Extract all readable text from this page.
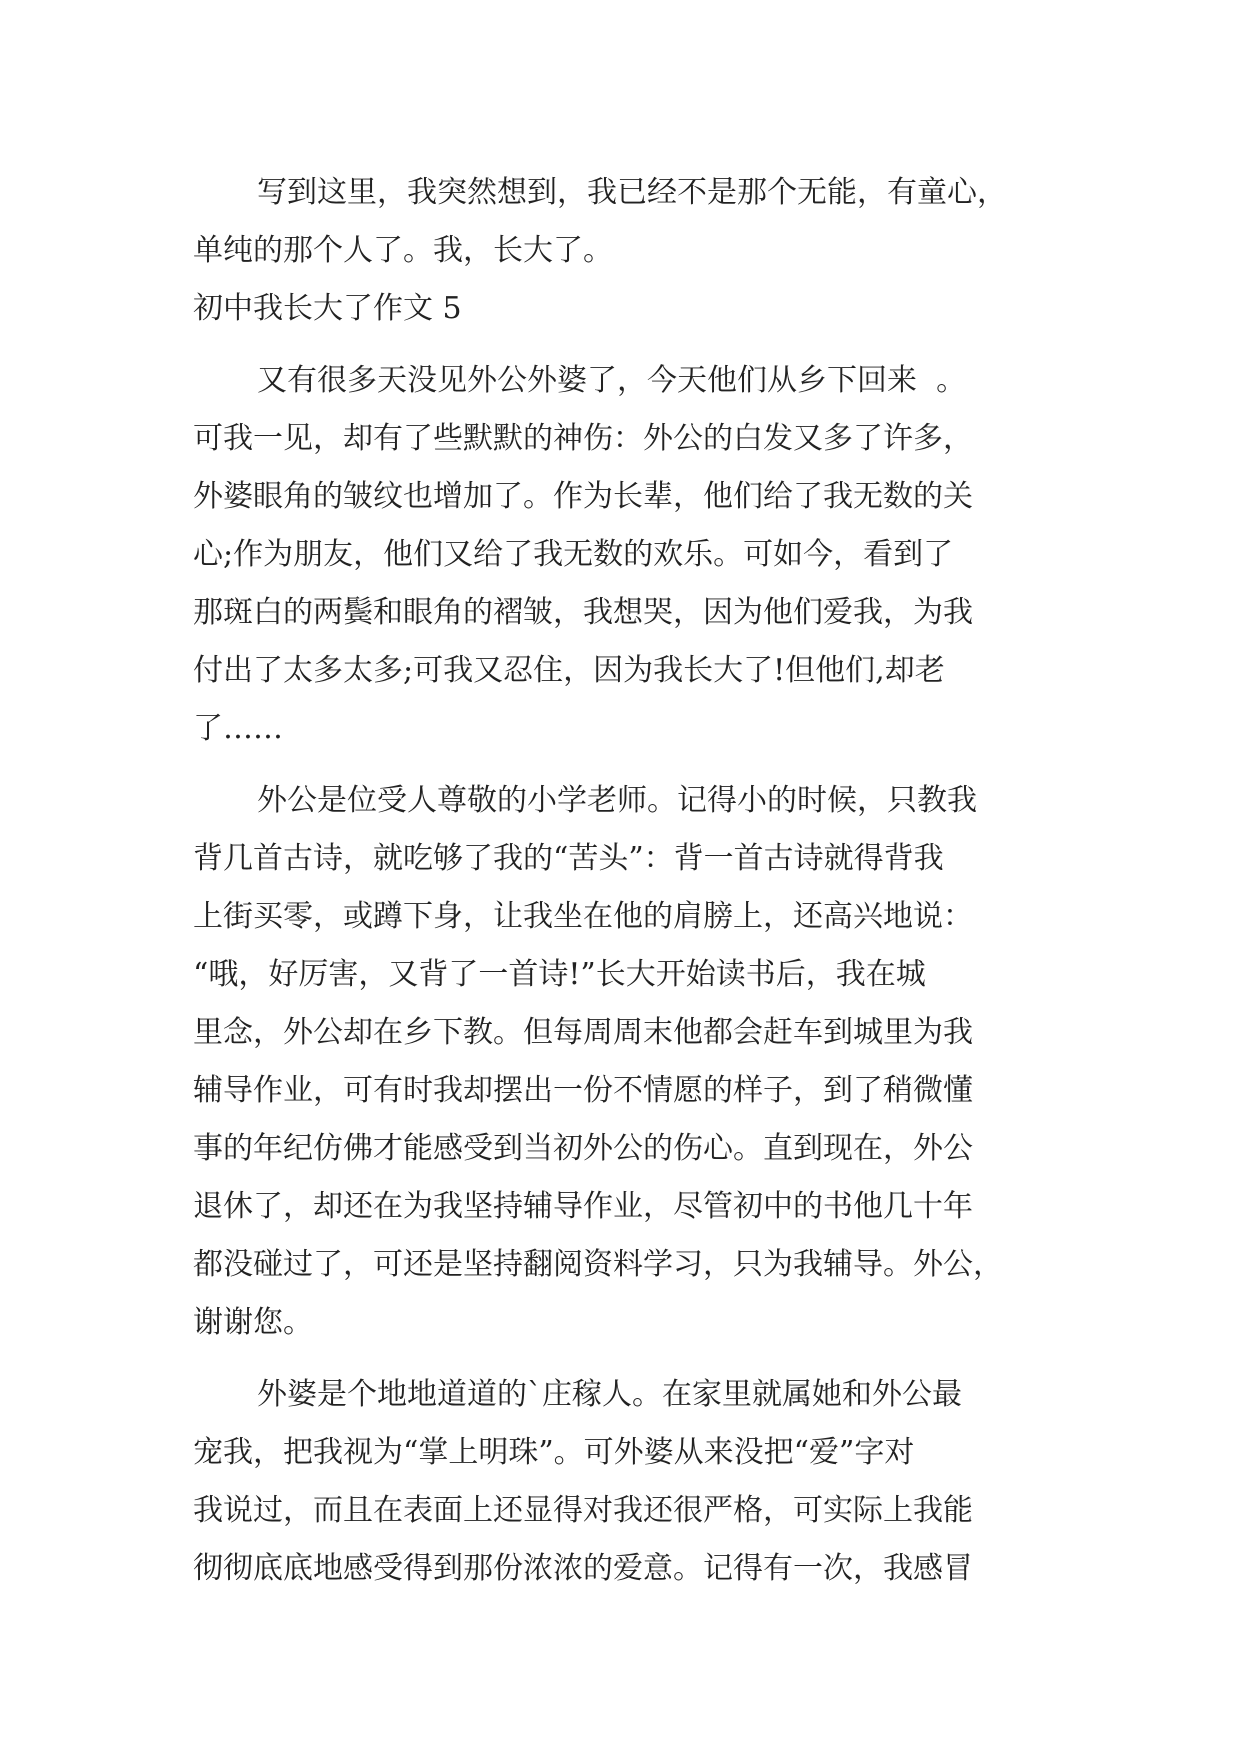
写到这里，我突然想到，我已经不是那个无能，有童心，
单纯的那个人了。我，长大了。
初中我长大了作文 5
又有很多天没见外公外婆了，今天他们从乡下回来  。
可我一见，却有了些默默的神伤：外公的白发又多了许多，
外婆眼角的皱纹也增加了。作为长辈，他们给了我无数的关
心;作为朋友，他们又给了我无数的欢乐。可如今，看到了
那斑白的两鬓和眼角的褶皱，我想哭，因为他们爱我，为我
付出了太多太多;可我又忍住，因为我长大了!但他们,却老
了……
外公是位受人尊敬的小学老师。记得小的时候，只教我
背几首古诗，就吃够了我的“苦头”：背一首古诗就得背我
上街买零，或蹲下身，让我坐在他的肩膀上，还高兴地说：
“哦，好厉害，又背了一首诗!”长大开始读书后，我在城
里念，外公却在乡下教。但每周周末他都会赶车到城里为我
辅导作业，可有时我却摆出一份不情愿的样子，到了稍微懂
事的年纪仿佛才能感受到当初外公的伤心。直到现在，外公
退休了，却还在为我坚持辅导作业，尽管初中的书他几十年
都没碰过了，可还是坚持翻阅资料学习，只为我辅导。外公，
谢谢您。
外婆是个地地道道的`庄稼人。在家里就属她和外公最
宠我，把我视为“掌上明珠”。可外婆从来没把“爱”字对
我说过，而且在表面上还显得对我还很严格，可实际上我能
彻彻底底地感受得到那份浓浓的爱意。记得有一次，我感冒
